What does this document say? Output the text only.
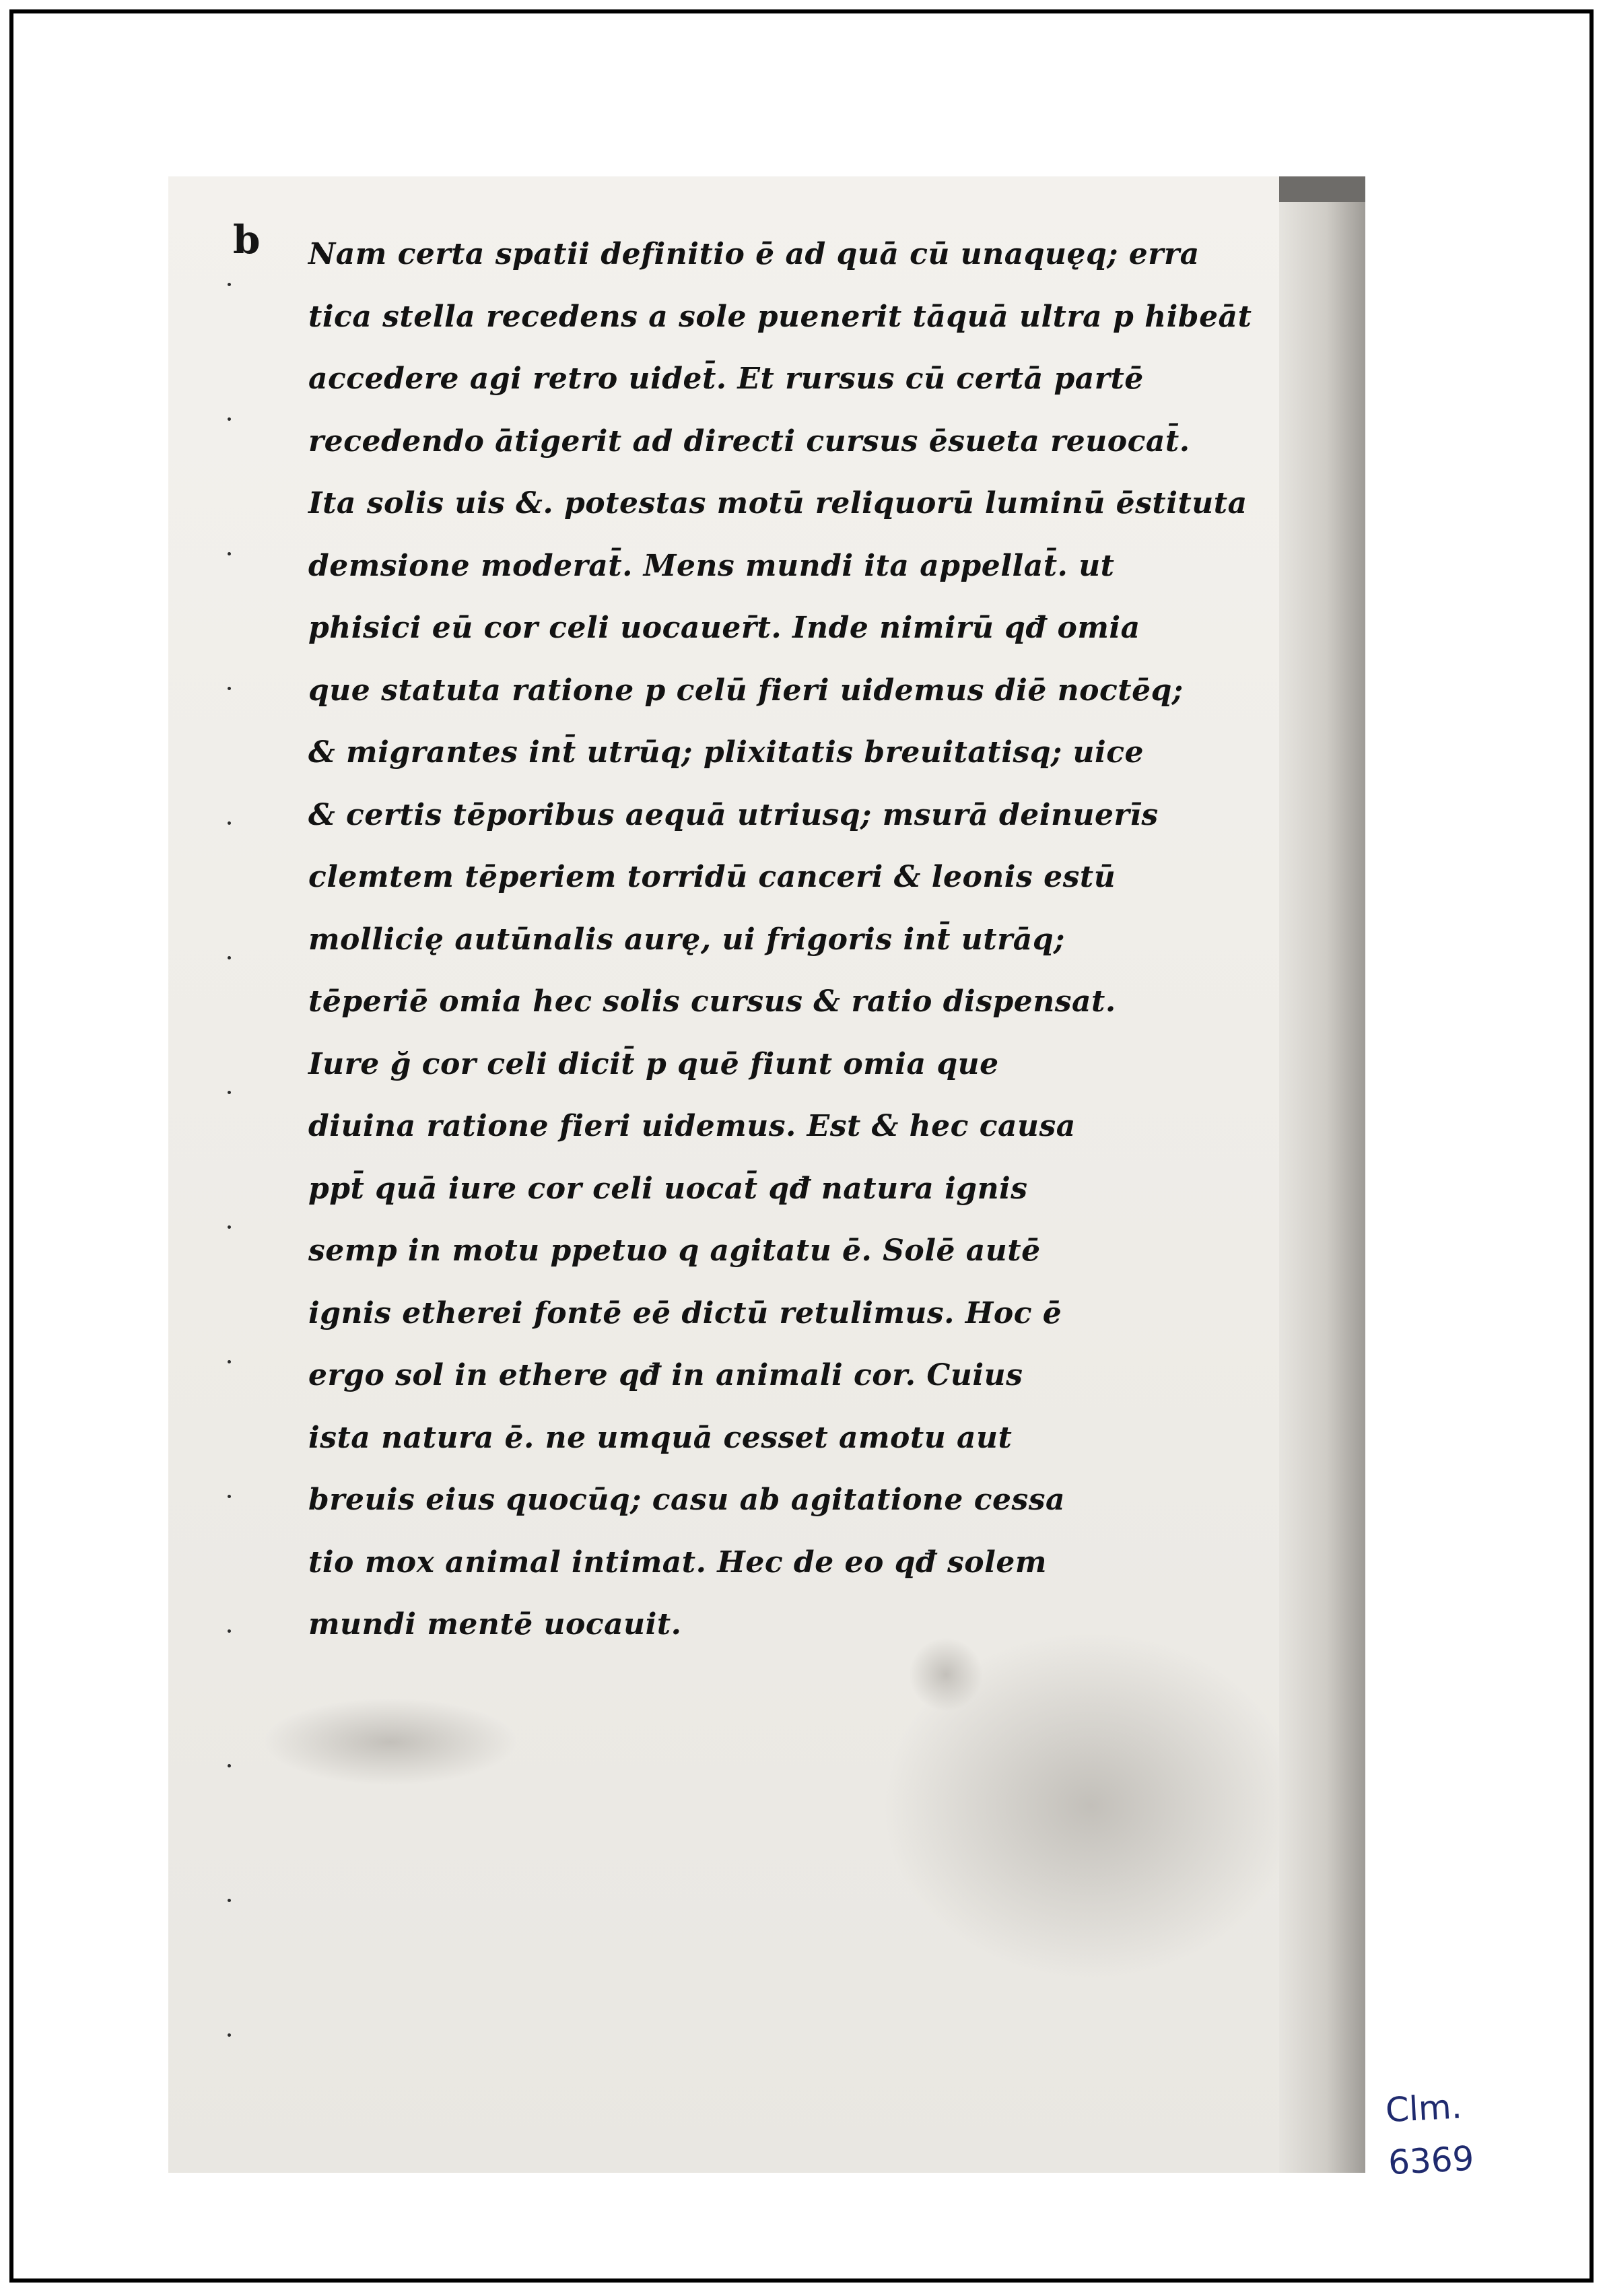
b Nam certa spatii definitio ē ad quā cū unaquęq; erra
tica stella recedens a sole puenerit tāquā ultra p hibeāt
accedere agi retro uidet̄. Et rursus cū certā partē
recedendo ātigerit ad directi cursus ēsueta reuocat̄.
Ita solis uis &. potestas motū reliquorū luminū ēstituta
demsione moderat̄. Mens mundi ita appellat̄. ut
phisici eū cor celi uocauer̄t. Inde nimirū qđ omia
que statuta ratione p celū fieri uidemus diē noctēq;
& migrantes int̄ utrūq; plixitatis breuitatisq; uice
& certis tēporibus aequā utriusq; msurā deinuerīs
clemtem tēperiem torridū canceri & leonis estū
mollicię autūnalis aurę, ui frigoris int̄ utrāq;
tēperiē omia hec solis cursus & ratio dispensat.
Iure ğ cor celi dicit̄ p quē fiunt omia que
diuina ratione fieri uidemus. Est & hec causa
ppt̄ quā iure cor celi uocat̄ qđ natura ignis
semp in motu ppetuo q agitatu ē. Solē autē
ignis etherei fontē eē dictū retulimus. Hoc ē
ergo sol in ethere qđ in animali cor. Cuius
ista natura ē. ne umquā cesset amotu aut
breuis eius quocūq; casu ab agitatione cessa
tio mox animal intimat. Hec de eo qđ solem
mundi mentē uocauit.
Clm.
6369
